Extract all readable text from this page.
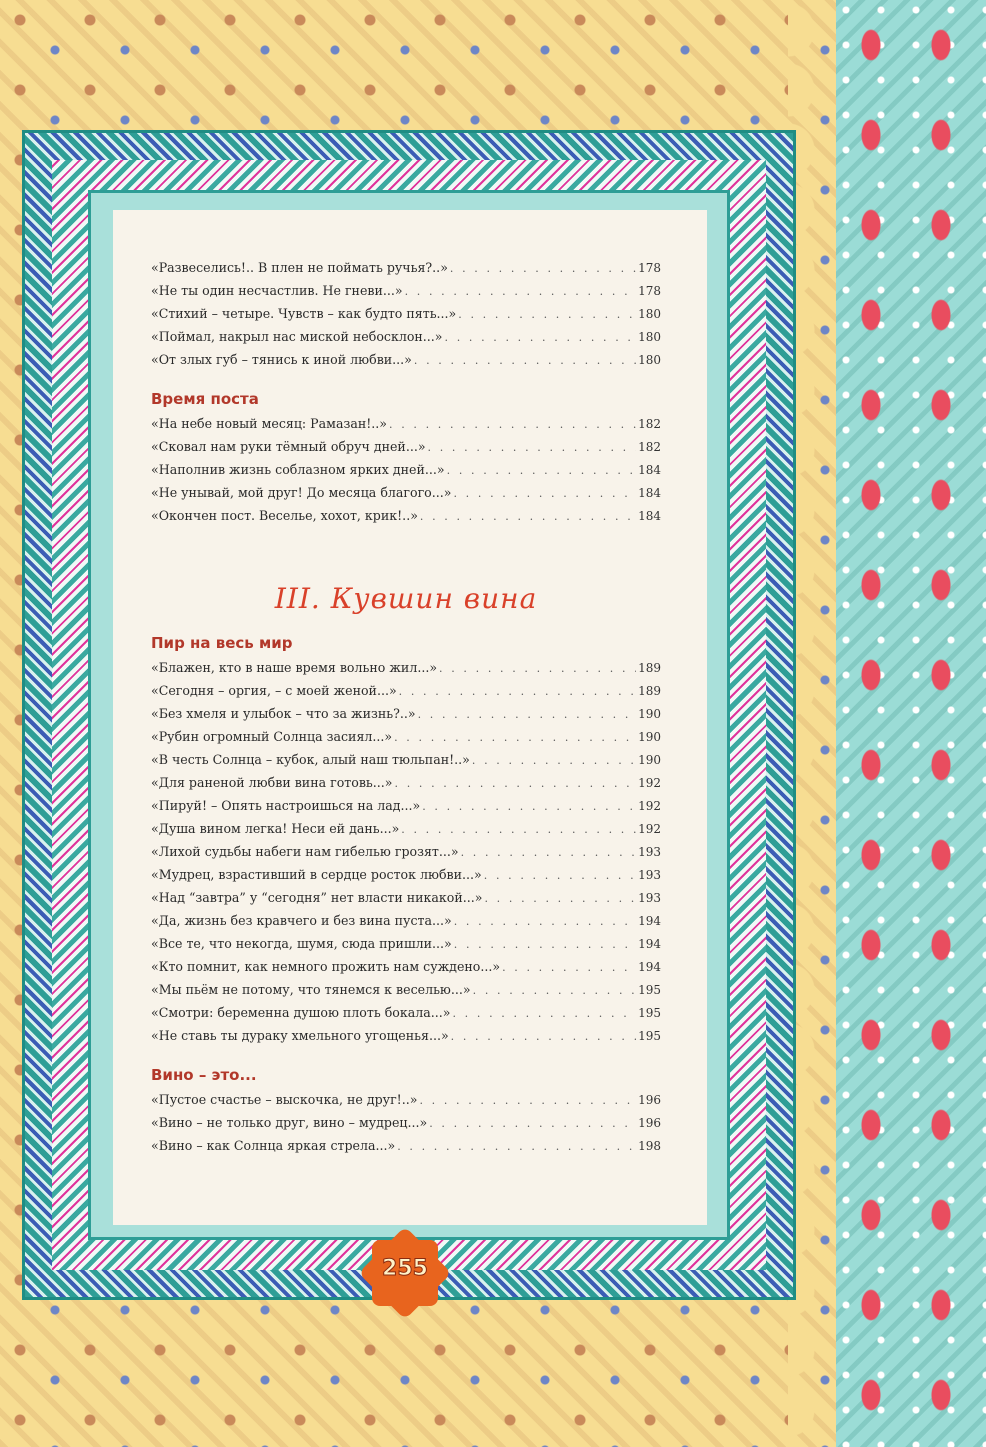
«Развеселись!.. В плен не поймать ручья?..» . . .	178
«Не ты один несчастлив. Не гневи...» . . .	178
«Стихий – четыре. Чувств – как будто пять...» . . .	180
«Поймал, накрыл нас миской небосклон...» . . .	180
«От злых губ – тянись к иной любви...» . . .	180
Время поста
«На небе новый месяц: Рамазан!..» . . .	182
«Сковал нам руки тёмный обруч дней...» . . .	182
«Наполнив жизнь соблазном ярких дней...» . . .	184
«Не унывай, мой друг! До месяца благого...» . . .	184
«Окончен пост. Веселье, хохот, крик!..» . . .	184
III. Кувшин вина
Пир на весь мир
«Блажен, кто в наше время вольно жил...» . . .	189
«Сегодня – оргия, – с моей женой...» . . .	189
«Без хмеля и улыбок – что за жизнь?..» . . .	190
«Рубин огромный Солнца засиял...» . . .	190
«В честь Солнца – кубок, алый наш тюльпан!..» . . .	190
«Для раненой любви вина готовь...» . . .	192
«Пируй! – Опять настроишься на лад...» . . .	192
«Душа вином легка! Неси ей дань...» . . .	192
«Лихой судьбы набеги нам гибелью грозят...» . . .	193
«Мудрец, взрастивший в сердце росток любви...» . . .	193
«Над “завтра” у “сегодня” нет власти никакой...» . . .	193
«Да, жизнь без кравчего и без вина пуста...» . . .	194
«Все те, что некогда, шумя, сюда пришли...» . . .	194
«Кто помнит, как немного прожить нам суждено...» . . .	194
«Мы пьём не потому, что тянемся к веселью...» . . .	195
«Смотри: беременна душою плоть бокала...» . . .	195
«Не ставь ты дураку хмельного угощенья...» . . .	195
Вино – это...
«Пустое счастье – выскочка, не друг!..» . . .	196
«Вино – не только друг, вино – мудрец...» . . .	196
«Вино – как Солнца яркая стрела...» . . .	198
255
